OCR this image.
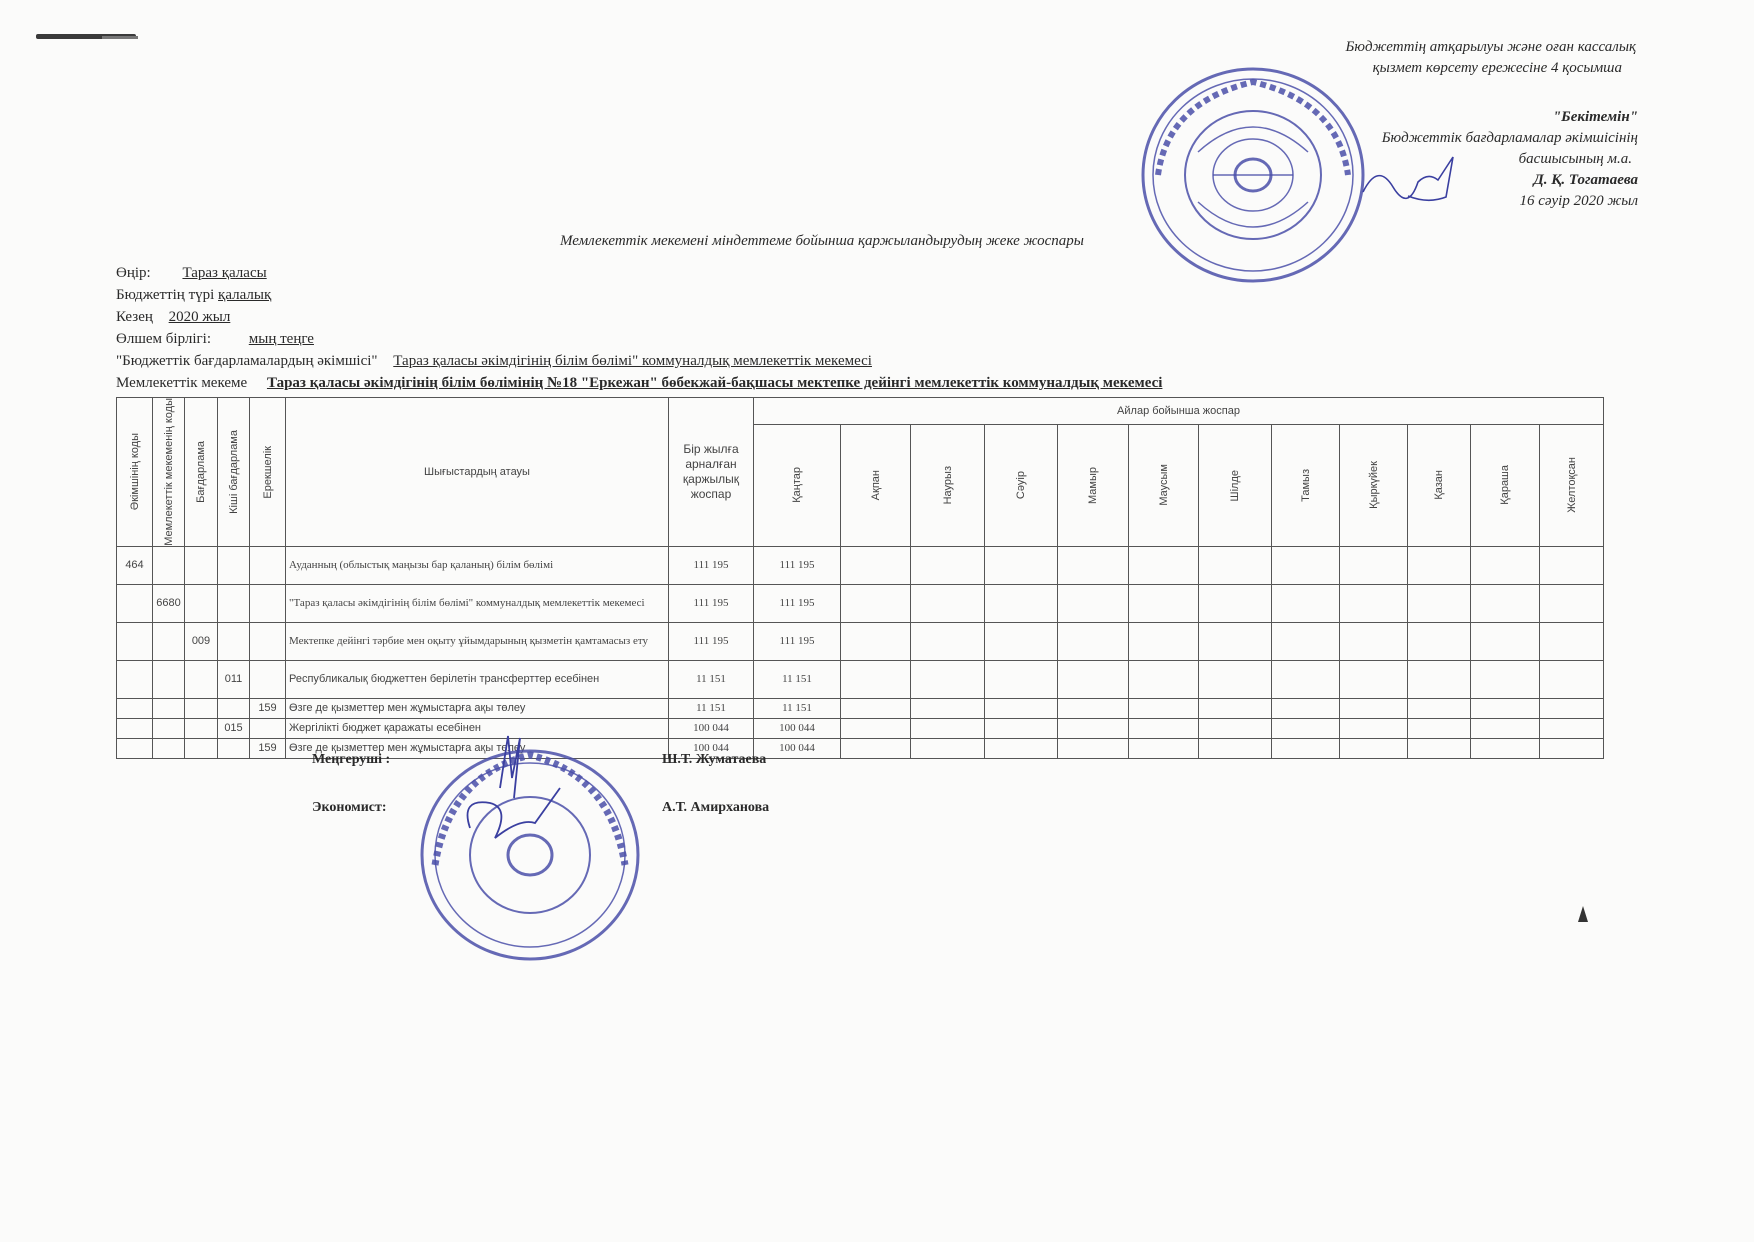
Бюджеттің атқарылуы және оған кассалық
қызмет көрсету ережесіне 4 қосымша
"Бекітемін"
Бюджеттік бағдарламалар әкімшісінің
басшысының м.а.
Д. Қ. Тогатаева
16 сәуір 2020 жыл
Мемлекеттік мекемені міндеттеме бойынша қаржыландырудың жеке жоспары
Өңір: Тараз қаласы
Бюджеттің түрі қалалық
Кезең 2020 жыл
Өлшем бірлігі:	мың теңге
"Бюджеттік бағдарламалардың әкімшісі" Тараз қаласы әкімдігінің білім бөлімі" коммуналдық мемлекеттік мекемесі
Мемлекеттік мекеме Тараз қаласы әкімдігінің білім бөлімінің №18 "Еркежан" бөбекжай-бақшасы мектепке дейінгі мемлекеттік коммуналдық мекемесі
Әкімшінің коды	Мемлекеттік мекеменің коды	Бағдарлама	Кіші бағдарлама	Ерекшелік	Шығыстардың атауы	Бір жылға арналған қаржылық жоспар	Айлар бойынша жоспар											

							Қаңтар	Ақпан	Наурыз	Сәуір	Мамыр	Маусым	Шілде	Тамыз	Қыркүйек	Қазан	Қараша	Желтоқсан

464					Ауданның (облыстық маңызы бар қаланың) білім бөлімі	111 195	111 195											
	6680				"Тараз қаласы әкімдігінің білім бөлімі" коммуналдық мемлекеттік мекемесі	111 195	111 195											
		009			Мектепке дейінгі тәрбие мен оқыту ұйымдарының қызметін қамтамасыз ету	111 195	111 195											
			011		Республикалық бюджеттен берілетін трансферттер есебінен	11 151	11 151											
				159	Өзге де қызметтер мен жұмыстарға ақы төлеу	11 151	11 151											
			015		Жергілікті бюджет қаражаты есебінен	100 044	100 044											
				159	Өзге де қызметтер мен жұмыстарға ақы төлеу	100 044	100 044											
Меңгеруші :	Ш.Т. Жуматаева
Экономист:	А.Т. Амирханова
